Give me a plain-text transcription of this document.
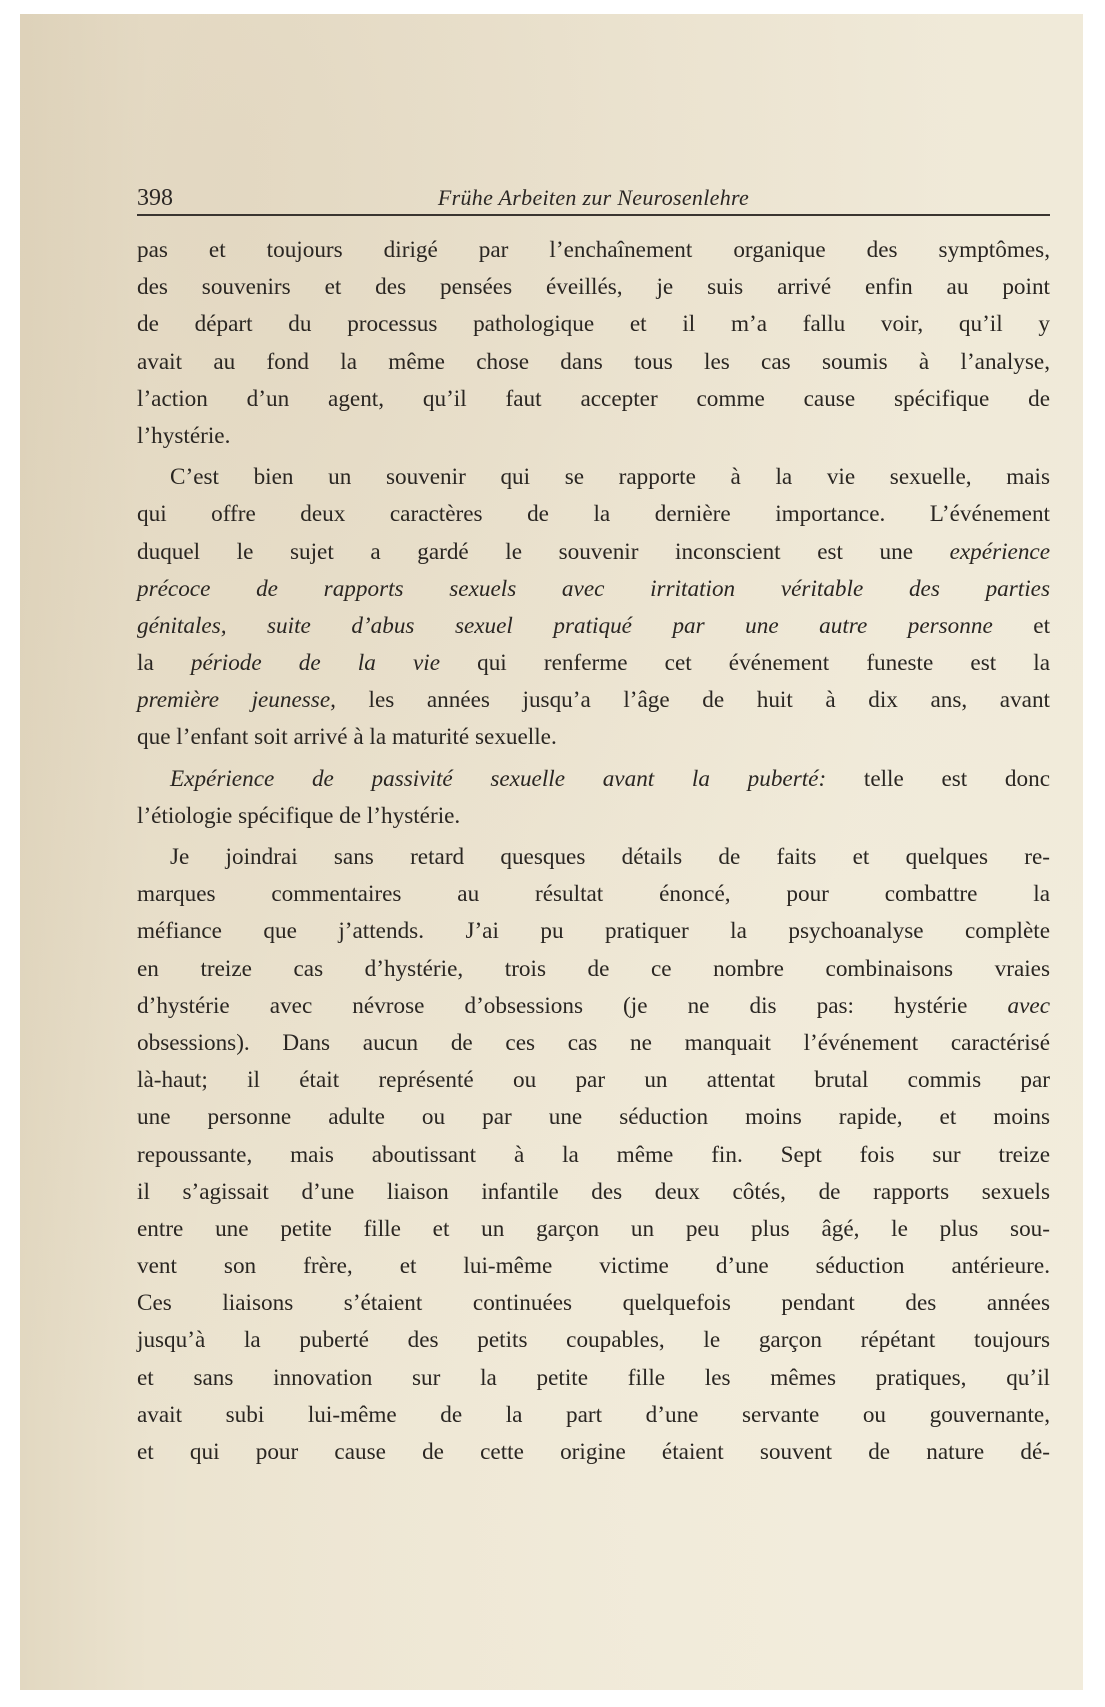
398	Frühe Arbeiten zur Neurosenlehre
pas et toujours dirigé par l’enchaînement organique des symptômes,
des souvenirs et des pensées éveillés, je suis arrivé enfin au point
de départ du processus pathologique et il m’a fallu voir, qu’il y
avait au fond la même chose dans tous les cas soumis à l’analyse,
l’action d’un agent, qu’il faut accepter comme cause spécifique de
l’hystérie.
C’est bien un souvenir qui se rapporte à la vie sexuelle, mais
qui offre deux caractères de la dernière importance. L’événement
duquel le sujet a gardé le souvenir inconscient est une expérience
précoce de rapports sexuels avec irritation véritable des parties
génitales, suite d’abus sexuel pratiqué par une autre personne et
la période de la vie qui renferme cet événement funeste est la
première jeunesse, les années jusqu’a l’âge de huit à dix ans, avant
que l’enfant soit arrivé à la maturité sexuelle.
Expérience de passivité sexuelle avant la puberté: telle est donc
l’étiologie spécifique de l’hystérie.
Je joindrai sans retard quesques détails de faits et quelques re-
marques commentaires au résultat énoncé, pour combattre la
méfiance que j’attends. J’ai pu pratiquer la psychoanalyse complète
en treize cas d’hystérie, trois de ce nombre combinaisons vraies
d’hystérie avec névrose d’obsessions (je ne dis pas: hystérie avec
obsessions). Dans aucun de ces cas ne manquait l’événement caractérisé
là-haut; il était représenté ou par un attentat brutal commis par
une personne adulte ou par une séduction moins rapide, et moins
repoussante, mais aboutissant à la même fin. Sept fois sur treize
il s’agissait d’une liaison infantile des deux côtés, de rapports sexuels
entre une petite fille et un garçon un peu plus âgé, le plus sou-
vent son frère, et lui-même victime d’une séduction antérieure.
Ces liaisons s’étaient continuées quelquefois pendant des années
jusqu’à la puberté des petits coupables, le garçon répétant toujours
et sans innovation sur la petite fille les mêmes pratiques, qu’il
avait subi lui-même de la part d’une servante ou gouvernante,
et qui pour cause de cette origine étaient souvent de nature dé-
